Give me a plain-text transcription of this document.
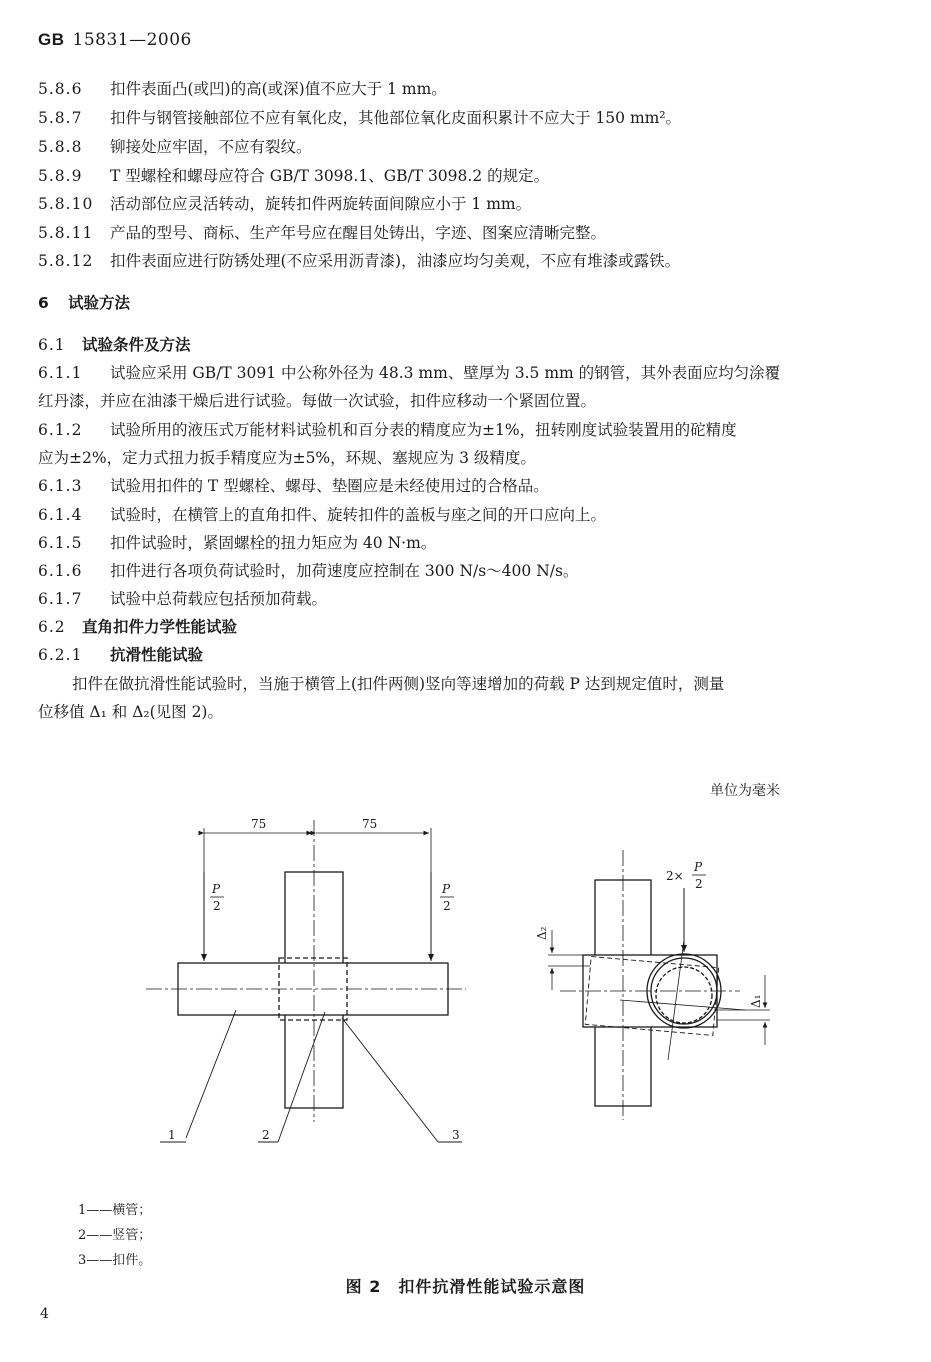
GB 15831—2006
5.8.6 扣件表面凸(或凹)的高(或深)值不应大于 1 mm。
5.8.7 扣件与钢管接触部位不应有氧化皮，其他部位氧化皮面积累计不应大于 150 mm²。
5.8.8 铆接处应牢固，不应有裂纹。
5.8.9 T 型螺栓和螺母应符合 GB/T 3098.1、GB/T 3098.2 的规定。
5.8.10 活动部位应灵活转动，旋转扣件两旋转面间隙应小于 1 mm。
5.8.11 产品的型号、商标、生产年号应在醒目处铸出，字迹、图案应清晰完整。
5.8.12 扣件表面应进行防锈处理(不应采用沥青漆)，油漆应均匀美观，不应有堆漆或露铁。
6 试验方法
6.1 试验条件及方法
6.1.1 试验应采用 GB/T 3091 中公称外径为 48.3 mm、壁厚为 3.5 mm 的钢管，其外表面应均匀涂覆
红丹漆，并应在油漆干燥后进行试验。每做一次试验，扣件应移动一个紧固位置。
6.1.2 试验所用的液压式万能材料试验机和百分表的精度应为±1%，扭转刚度试验装置用的砣精度
应为±2%，定力式扭力扳手精度应为±5%，环规、塞规应为 3 级精度。
6.1.3 试验用扣件的 T 型螺栓、螺母、垫圈应是未经使用过的合格品。
6.1.4 试验时，在横管上的直角扣件、旋转扣件的盖板与座之间的开口应向上。
6.1.5 扣件试验时，紧固螺栓的扭力矩应为 40 N·m。
6.1.6 扣件进行各项负荷试验时，加荷速度应控制在 300 N/s～400 N/s。
6.1.7 试验中总荷载应包括预加荷载。
6.2 直角扣件力学性能试验
6.2.1 抗滑性能试验
扣件在做抗滑性能试验时，当施于横管上(扣件两侧)竖向等速增加的荷载 P 达到规定值时，测量
位移值 Δ₁ 和 Δ₂(见图 2)。
单位为毫米
75	75
P
2
P
2
1	2	3
2×
P
2
Δ₂
Δ₁
1——横管；
2——竖管；
3——扣件。
图 2　扣件抗滑性能试验示意图
4
